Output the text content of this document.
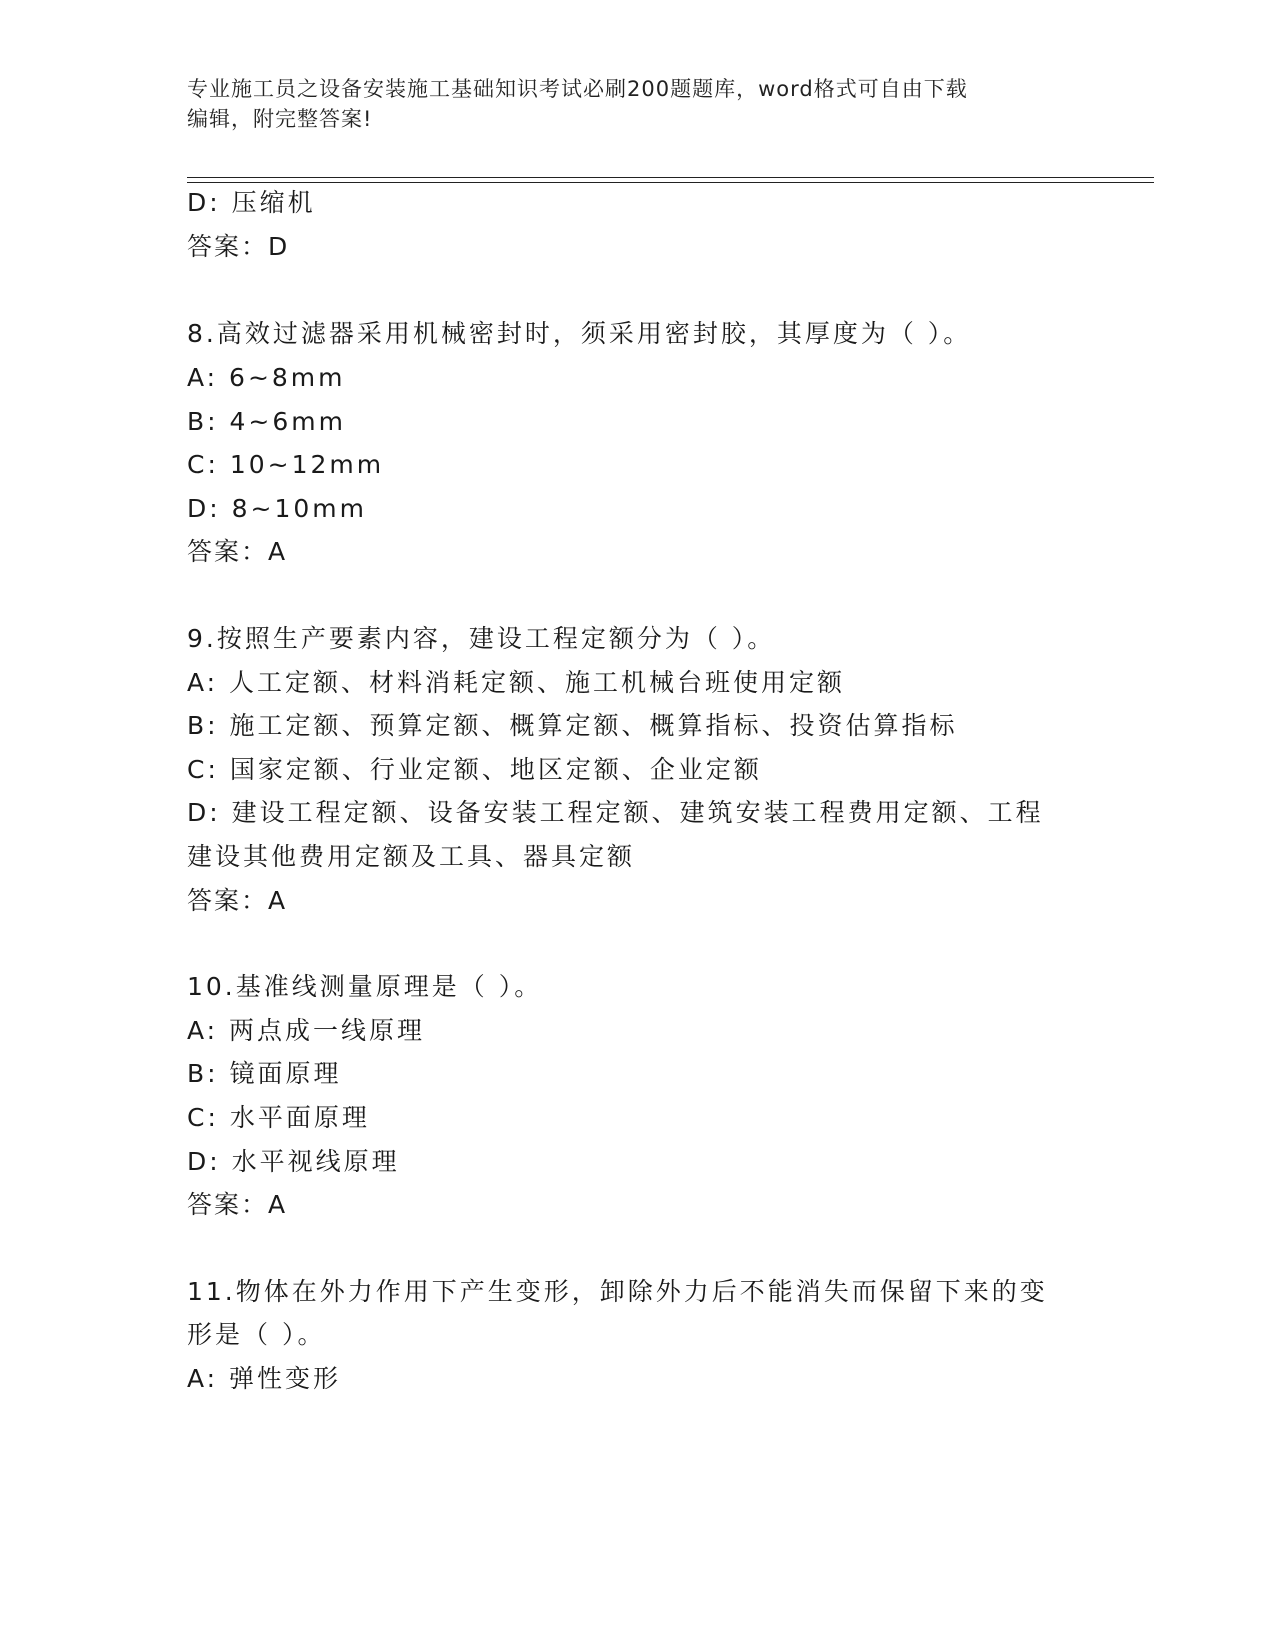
专业施工员之设备安装施工基础知识考试必刷200题题库，word格式可自由下载
编辑，附完整答案!
D: 压缩机
答案：D
8.高效过滤器采用机械密封时，须采用密封胶，其厚度为（ ）。
A: 6~8mm
B: 4~6mm
C: 10~12mm
D: 8~10mm
答案：A
9.按照生产要素内容，建设工程定额分为（ ）。
A: 人工定额、材料消耗定额、施工机械台班使用定额
B: 施工定额、预算定额、概算定额、概算指标、投资估算指标
C: 国家定额、行业定额、地区定额、企业定额
D: 建设工程定额、设备安装工程定额、建筑安装工程费用定额、工程
建设其他费用定额及工具、器具定额
答案：A
10.基准线测量原理是（ ）。
A: 两点成一线原理
B: 镜面原理
C: 水平面原理
D: 水平视线原理
答案：A
11.物体在外力作用下产生变形，卸除外力后不能消失而保留下来的变
形是（ ）。
A: 弹性变形
